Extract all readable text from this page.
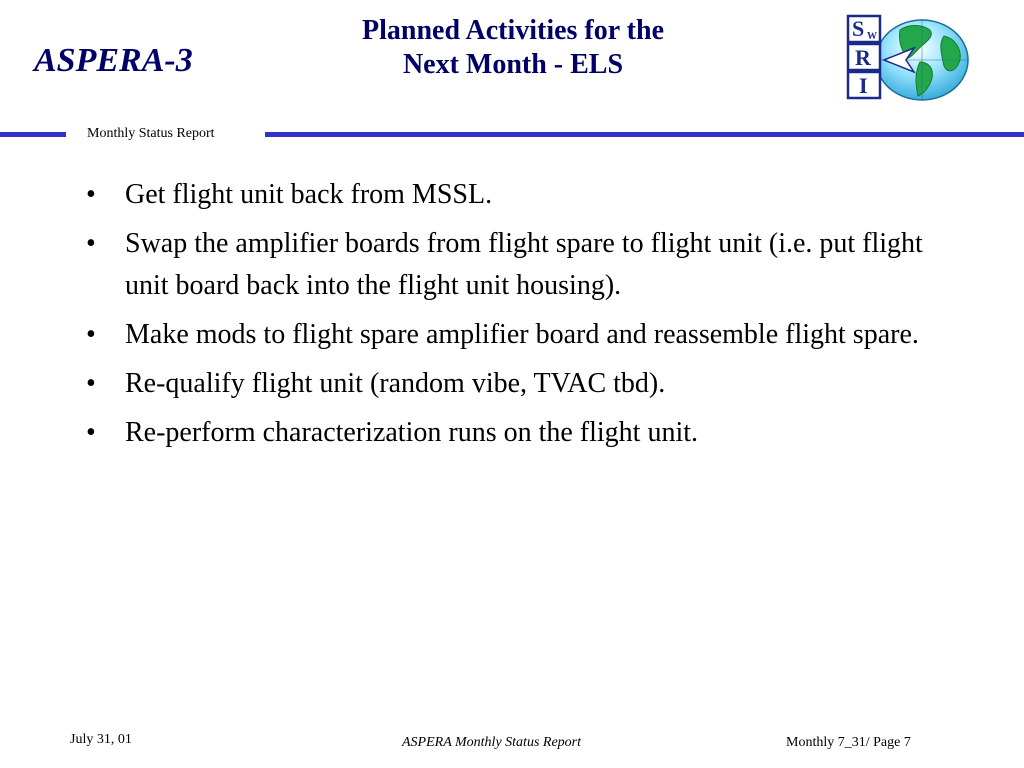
ASPERA-3
Planned Activities for the
Next Month - ELS
S W
R
I
Monthly Status Report
• Get flight unit back from MSSL.
• Swap the amplifier boards from flight spare to flight unit (i.e. put flight unit board back into the flight unit housing).
• Make mods to flight spare amplifier board and reassemble flight spare.
• Re-qualify flight unit (random vibe, TVAC tbd).
• Re-perform characterization runs on the flight unit.
July 31, 01	ASPERA Monthly Status Report	Monthly 7_31/ Page 7
